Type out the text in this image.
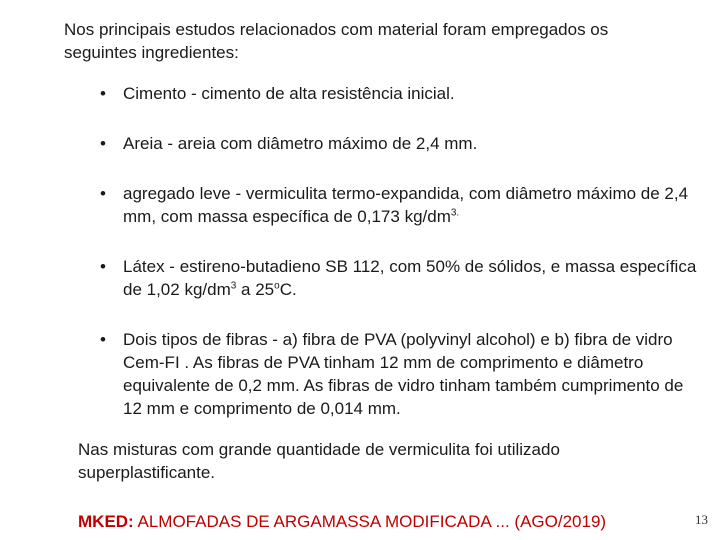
Nos principais estudos relacionados com material foram empregados os seguintes ingredientes:
• Cimento - cimento de alta resistência inicial.
• Areia - areia com diâmetro máximo de 2,4 mm.
• agregado leve - vermiculita termo-expandida, com diâmetro máximo de 2,4 mm, com massa específica de 0,173 $kg/dm^{3.}$
• Látex - estireno-butadieno SB 112, com 50% de sólidos, e massa específica de 1,02 $kg/dm^3$ a 25$^o$C.
• Dois tipos de fibras - a) fibra de PVA (polyvinyl alcohol) e b) fibra de vidro Cem-FI . As fibras de PVA tinham 12 mm de comprimento e diâmetro equivalente de 0,2 mm. As fibras de vidro tinham também cumprimento de 12 mm e comprimento de 0,014 mm.
Nas misturas com grande quantidade de vermiculita foi utilizado superplastificante.
MKED: ALMOFADAS DE ARGAMASSA MODIFICADA ... (AGO/2019)	13
